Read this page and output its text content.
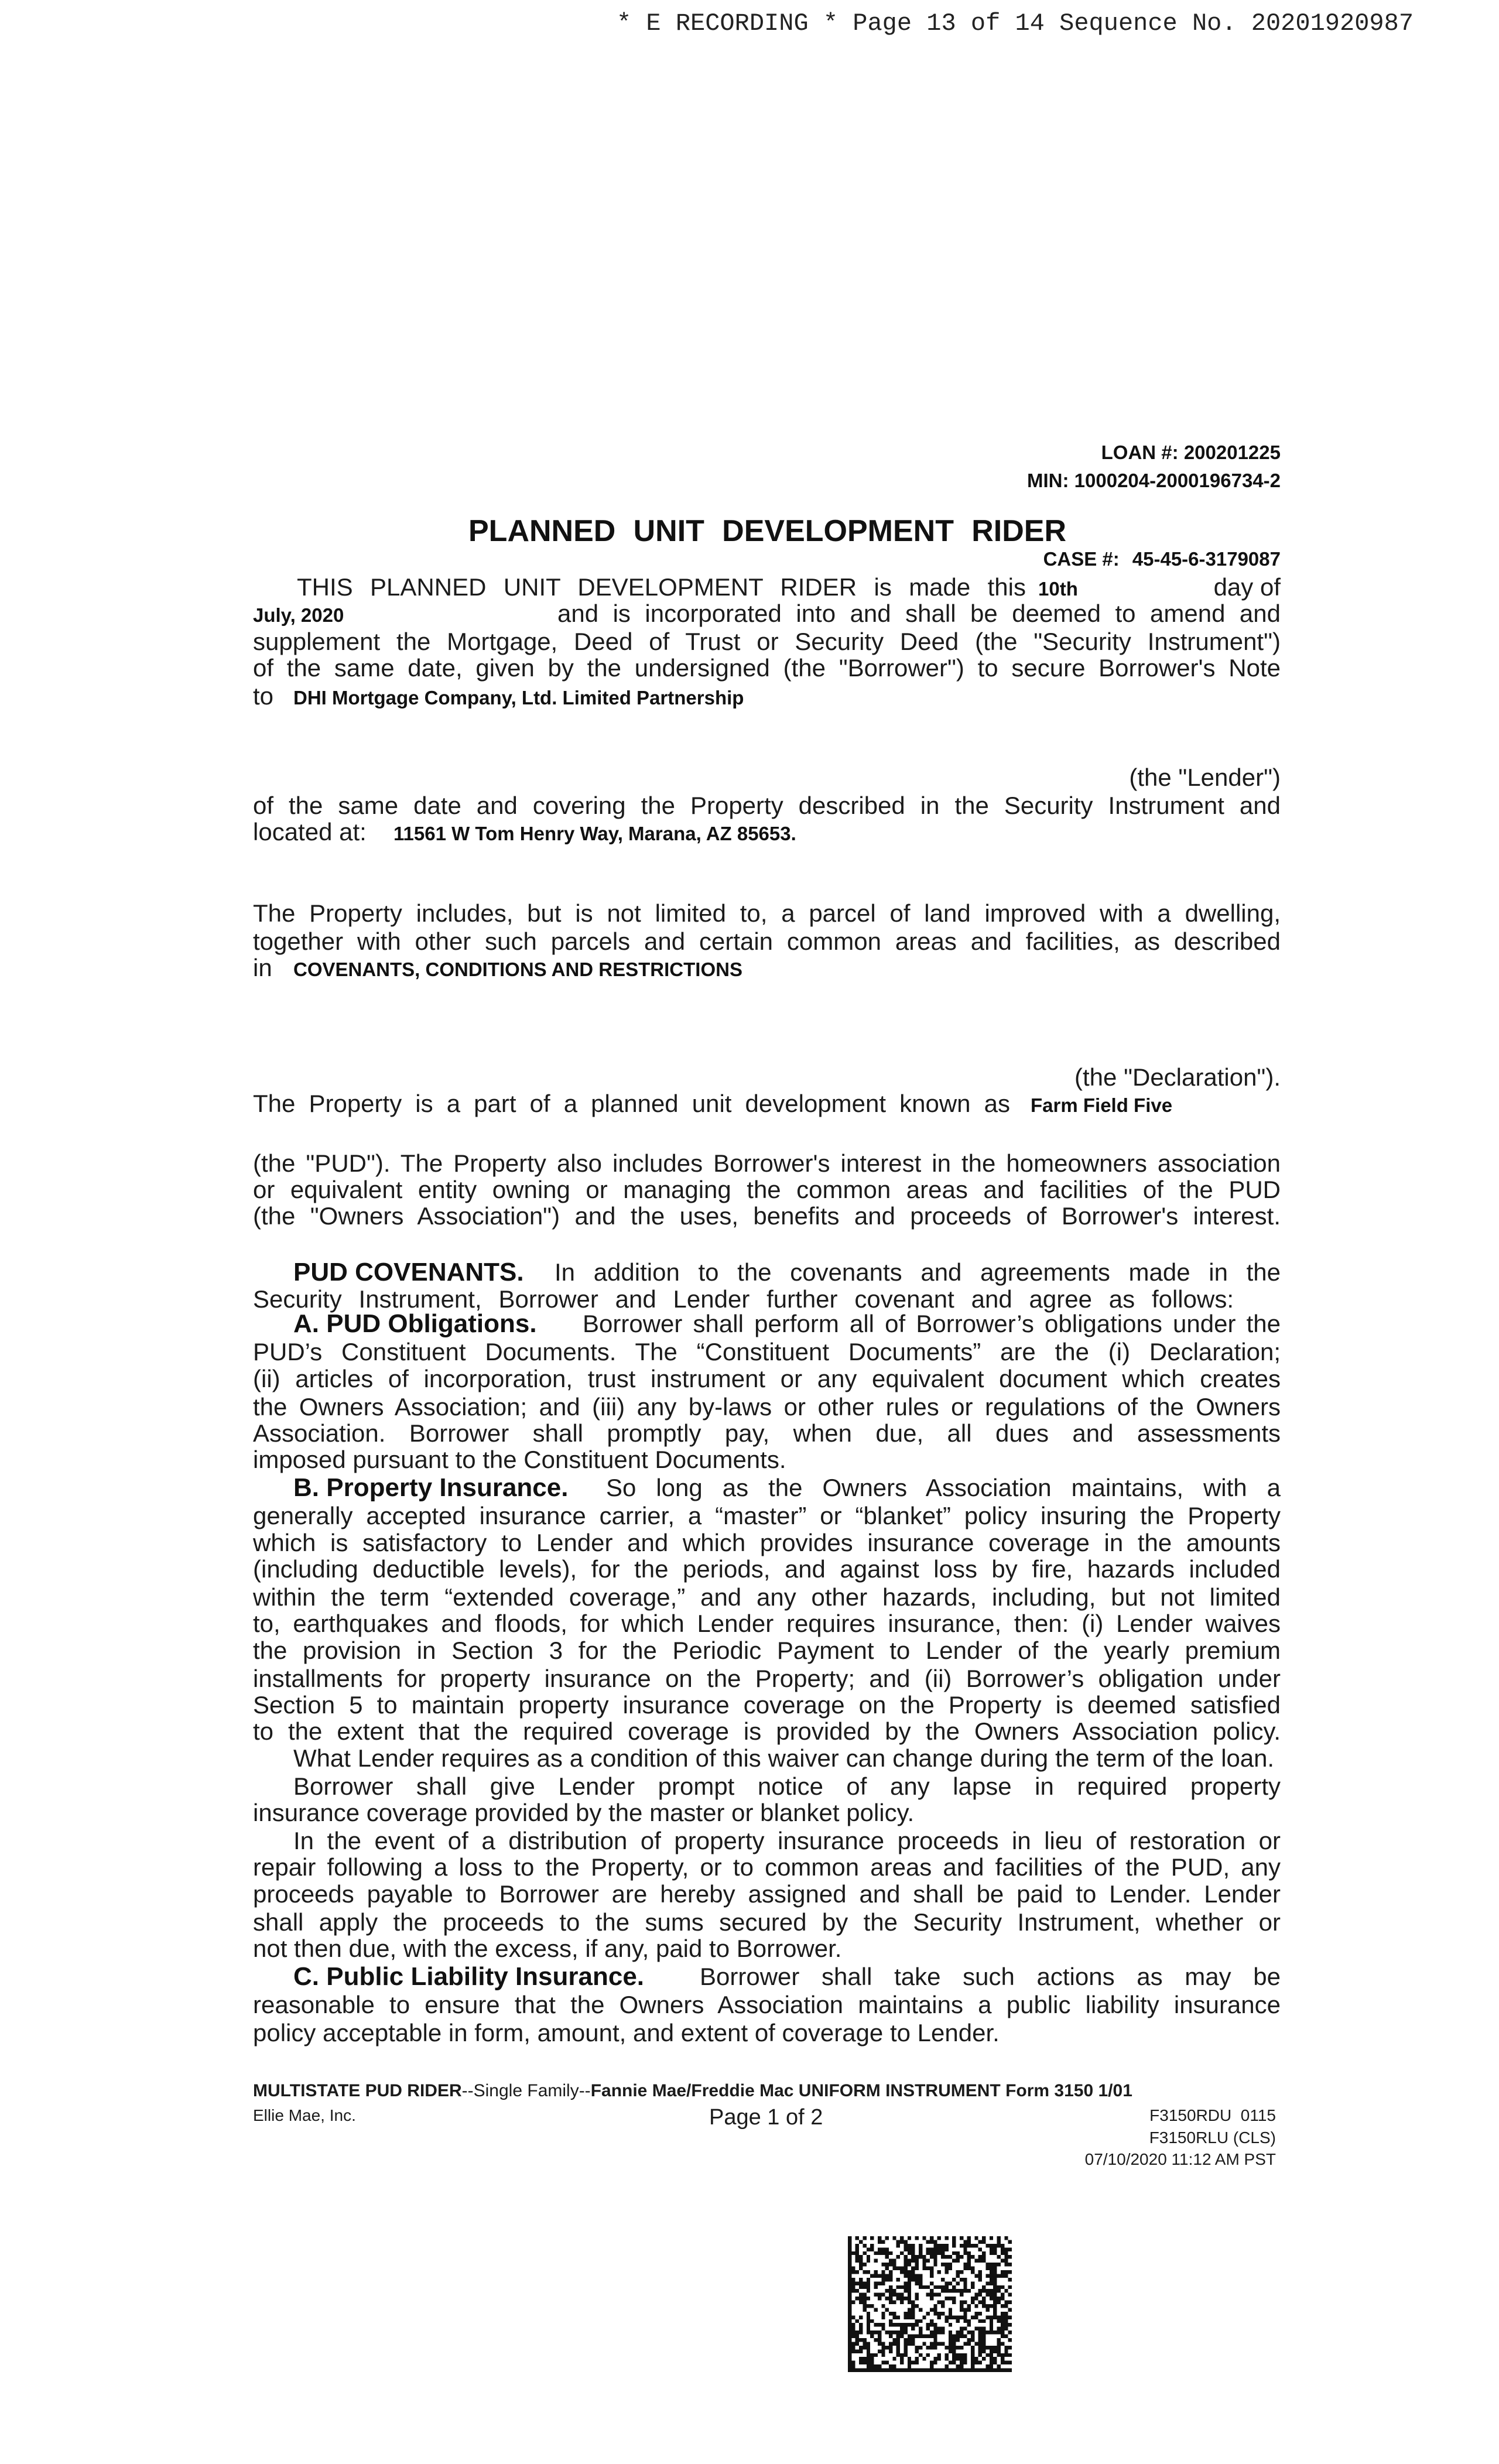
* E RECORDING * Page 13 of 14 Sequence No. 20201920987
LOAN #: 200201225
MIN: 1000204-2000196734-2
PLANNED UNIT DEVELOPMENT RIDER
CASE #: 45-45-6-3179087
THIS PLANNED UNIT DEVELOPMENT RIDER is made this 10th	day of
July, 2020	and is incorporated into and shall be deemed to amend and
supplement the Mortgage, Deed of Trust or Security Deed (the "Security Instrument")
of the same date, given by the undersigned (the "Borrower") to secure Borrower's Note
to DHI Mortgage Company, Ltd. Limited Partnership
(the "Lender")
of the same date and covering the Property described in the Security Instrument and
located at: 11561 W Tom Henry Way, Marana, AZ 85653.
The Property includes, but is not limited to, a parcel of land improved with a dwelling,
together with other such parcels and certain common areas and facilities, as described
in COVENANTS, CONDITIONS AND RESTRICTIONS
(the "Declaration").
The Property is a part of a planned unit development known as Farm Field Five
(the "PUD"). The Property also includes Borrower's interest in the homeowners association
or equivalent entity owning or managing the common areas and facilities of the PUD
(the "Owners Association") and the uses, benefits and proceeds of Borrower's interest.
PUD COVENANTS.	In addition to the covenants and agreements made in the
Security Instrument, Borrower and Lender further covenant and agree as follows:
A. PUD Obligations.	Borrower shall perform all of Borrower’s obligations under the
PUD’s Constituent Documents. The “Constituent Documents” are the (i) Declaration;
(ii) articles of incorporation, trust instrument or any equivalent document which creates
the Owners Association; and (iii) any by-laws or other rules or regulations of the Owners
Association. Borrower shall promptly pay, when due, all dues and assessments
imposed pursuant to the Constituent Documents.
B. Property Insurance.	So long as the Owners Association maintains, with a
generally accepted insurance carrier, a “master” or “blanket” policy insuring the Property
which is satisfactory to Lender and which provides insurance coverage in the amounts
(including deductible levels), for the periods, and against loss by fire, hazards included
within the term “extended coverage,” and any other hazards, including, but not limited
to, earthquakes and floods, for which Lender requires insurance, then: (i) Lender waives
the provision in Section 3 for the Periodic Payment to Lender of the yearly premium
installments for property insurance on the Property; and (ii) Borrower’s obligation under
Section 5 to maintain property insurance coverage on the Property is deemed satisfied
to the extent that the required coverage is provided by the Owners Association policy.
What Lender requires as a condition of this waiver can change during the term of the loan.
Borrower shall give Lender prompt notice of any lapse in required property
insurance coverage provided by the master or blanket policy.
In the event of a distribution of property insurance proceeds in lieu of restoration or
repair following a loss to the Property, or to common areas and facilities of the PUD, any
proceeds payable to Borrower are hereby assigned and shall be paid to Lender. Lender
shall apply the proceeds to the sums secured by the Security Instrument, whether or
not then due, with the excess, if any, paid to Borrower.
C. Public Liability Insurance.	Borrower shall take such actions as may be
reasonable to ensure that the Owners Association maintains a public liability insurance
policy acceptable in form, amount, and extent of coverage to Lender.
MULTISTATE PUD RIDER--Single Family--Fannie Mae/Freddie Mac UNIFORM INSTRUMENT Form 3150 1/01
Ellie Mae, Inc.	Page 1 of 2	F3150RDU  0115
F3150RLU (CLS)
07/10/2020 11:12 AM PST
